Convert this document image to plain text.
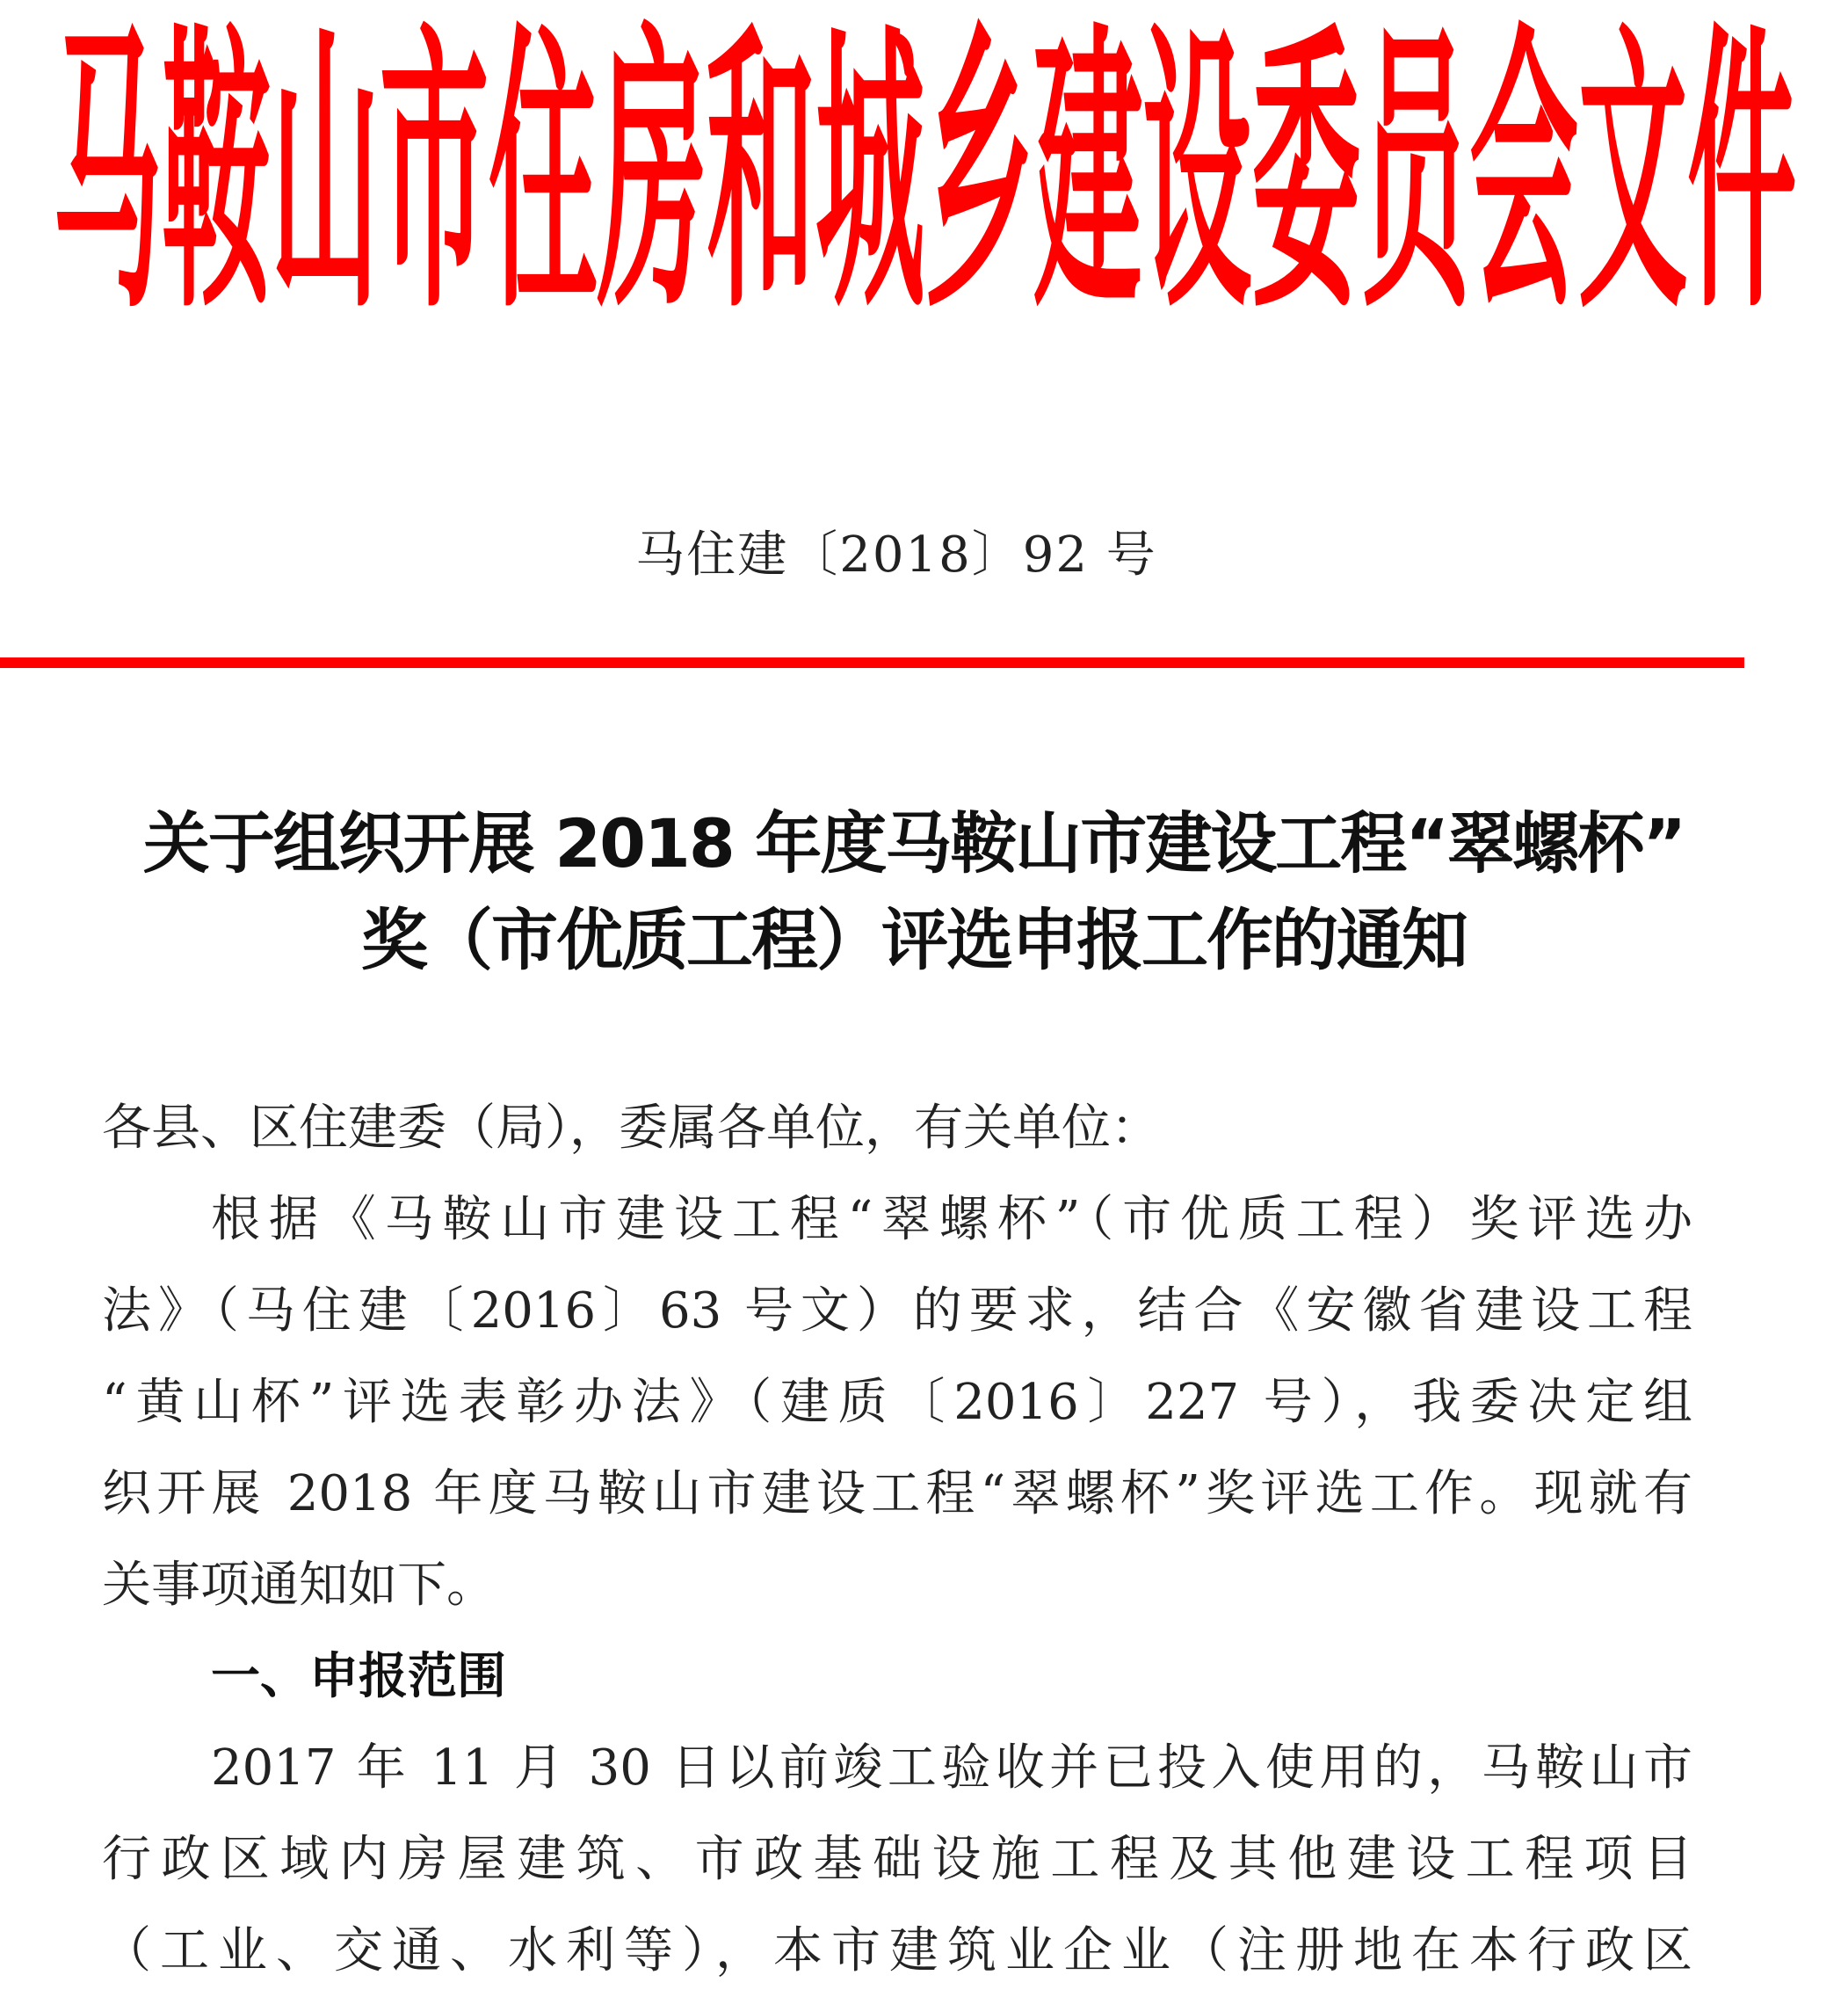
马 鞍 山 市 住 房 和 城 乡 建 设 委 员 会 文 件
马住建〔2018〕92 号
关于组织开展 2018 年度马鞍山市建设工程“翠螺杯”
奖（市优质工程）评选申报工作的通知
各县、区住建委（局），委属各单位，有关单位：
根据《马鞍山市建设工程“翠螺杯”（市优质工程）奖评选办
法》（马住建〔2016〕63 号文）的要求，结合《安徽省建设工程
“黄山杯”评选表彰办法》（建质〔2016〕227 号），我委决定组
织开展 2018 年度马鞍山市建设工程“翠螺杯”奖评选工作。现就有
关事项通知如下。
一、申报范围
2017 年 11 月 30 日以前竣工验收并已投入使用的，马鞍山市
行政区域内房屋建筑、市政基础设施工程及其他建设工程项目
（工业、交通、水利等），本市建筑业企业（注册地在本行政区
